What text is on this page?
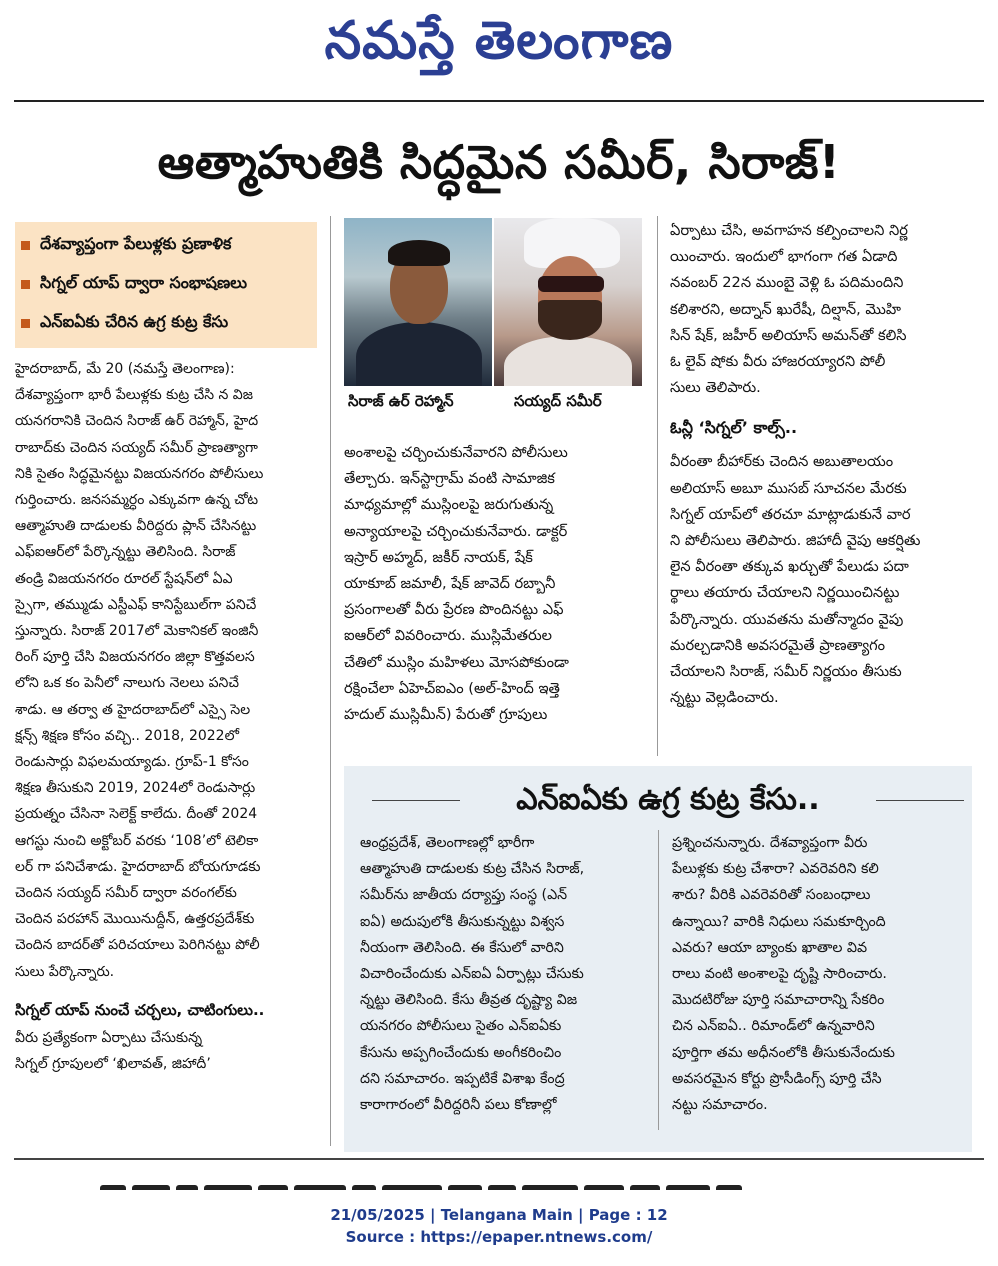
నమస్తే తెలంగాణ
ఆత్మాహుతికి సిద్ధమైన సమీర్, సిరాజ్!
దేశవ్యాప్తంగా పేలుళ్లకు ప్రణాళిక
సిగ్నల్ యాప్ ద్వారా సంభాషణలు
ఎన్ఐఏకు చేరిన ఉగ్ర కుట్ర కేసు
హైదరాబాద్, మే 20 (నమస్తే తెలంగాణ):
దేశవ్యాప్తంగా భారీ పేలుళ్లకు కుట్ర చేసి న విజ
యనగరానికి చెందిన సిరాజ్ ఉర్ రెహ్మాన్, హైద
రాబాద్‌కు చెందిన సయ్యద్ సమీర్ ప్రాణత్యాగా
నికి సైతం సిద్ధమైనట్టు విజయనగరం పోలీసులు
గుర్తించారు. జనసమ్మర్ధం ఎక్కువగా ఉన్న చోట
ఆత్మాహుతి దాడులకు వీరిద్దరు ప్లాన్ చేసినట్టు
ఎఫ్ఐఆర్‌లో పేర్కొన్నట్టు తెలిసింది. సిరాజ్
తండ్రి విజయనగరం రూరల్ స్టేషన్‌లో ఏఎ
స్సైగా, తమ్ముడు ఎస్టీఎఫ్ కానిస్టేబుల్‌గా పనిచే
స్తున్నారు. సిరాజ్ 2017లో మెకానికల్ ఇంజినీ
రింగ్ పూర్తి చేసి విజయనగరం జిల్లా కొత్తవలస
లోని ఒక కం పెనీలో నాలుగు నెలలు పనిచే
శాడు. ఆ తర్వా త హైదరాబాద్‌లో ఎస్సై సెల
క్షన్స్ శిక్షణ కోసం వచ్చి.. 2018, 2022లో
రెండుసార్లు విఫలమయ్యాడు. గ్రూప్-1 కోసం
శిక్షణ తీసుకుని 2019, 2024లో రెండుసార్లు
ప్రయత్నం చేసినా సెలెక్ట్ కాలేదు. దీంతో 2024
ఆగస్టు నుంచి అక్టోబర్ వరకు ‘108’లో టెలికా
లర్ గా పనిచేశాడు. హైదరాబాద్ బోయగూడకు
చెందిన సయ్యద్ సమీర్ ద్వారా వరంగల్‌కు
చెందిన పరహాన్ మొయినుద్దీన్, ఉత్తరప్రదేశ్‌కు
చెందిన బాదర్‌తో పరిచయాలు పెరిగినట్టు పోలీ
సులు పేర్కొన్నారు.
సిగ్నల్ యాప్ నుంచే చర్చలు, చాటింగులు..
వీరు ప్రత్యేకంగా ఏర్పాటు చేసుకున్న
సిగ్నల్ గ్రూపులలో ‘ఖిలావత్, జిహాదీ’
సిరాజ్ ఉర్ రెహ్మాన్	సయ్యద్ సమీర్
అంశాలపై చర్చించుకునేవారని పోలీసులు
తేల్చారు. ఇన్‌స్టాగ్రామ్ వంటి సామాజిక
మాధ్యమాల్లో ముస్లింలపై జరుగుతున్న
అన్యాయాలపై చర్చించుకునేవారు. డాక్టర్
ఇస్రార్ అహ్మద్, జకీర్ నాయక్, షేక్
యాకూబ్ జమాలీ, షేక్ జావెద్ రబ్బానీ
ప్రసంగాలతో వీరు ప్రేరణ పొందినట్టు ఎఫ్
ఐఆర్‌లో వివరించారు. ముస్లిమేతరుల
చేతిలో ముస్లిం మహిళలు మోసపోకుండా
రక్షించేలా ఏహెచ్ఐఎం (అల్-హింద్ ఇత్తె
హదుల్ ముస్లిమీన్) పేరుతో గ్రూపులు
ఏర్పాటు చేసి, అవగాహన కల్పించాలని నిర్ణ
యించారు. ఇందులో భాగంగా గత ఏడాది
నవంబర్ 22న ముంబై వెళ్లి ఓ పదిమందిని
కలిశారని, అద్నాన్ ఖురేషీ, దిల్షాన్, మొహి
సిన్ షేక్, జహీర్ అలియాస్ అమన్‌తో కలిసి
ఓ లైవ్ షోకు వీరు హాజరయ్యారని పోలీ
సులు తెలిపారు.
ఓన్లీ ‘సిగ్నల్’ కాల్స్..
వీరంతా బీహార్‌కు చెందిన అబుతాలయం
అలియాస్ అబూ ముసబ్ సూచనల మేరకు
సిగ్నల్ యాప్‌లో తరచూ మాట్లాడుకునే వార
ని పోలీసులు తెలిపారు. జిహాదీ వైపు ఆకర్షితు
లైన వీరంతా తక్కువ ఖర్చుతో పేలుడు పదా
ర్థాలు తయారు చేయాలని నిర్ణయించినట్టు
పేర్కొన్నారు. యువతను మతోన్మాదం వైపు
మరల్చడానికి అవసరమైతే ప్రాణత్యాగం
చేయాలని సిరాజ్, సమీర్ నిర్ణయం తీసుకు
న్నట్టు వెల్లడించారు.
ఎన్ఐఏకు ఉగ్ర కుట్ర కేసు..
ఆంధ్రప్రదేశ్, తెలంగాణల్లో భారీగా
ఆత్మాహుతి దాడులకు కుట్ర చేసిన సిరాజ్,
సమీర్‌ను జాతీయ దర్యాప్తు సంస్థ (ఎన్
ఐఏ) అదుపులోకి తీసుకున్నట్టు విశ్వస
నీయంగా తెలిసింది. ఈ కేసులో వారిని
విచారించేందుకు ఎన్ఐఏ ఏర్పాట్లు చేసుకు
న్నట్టు తెలిసింది. కేసు తీవ్రత దృష్ట్యా విజ
యనగరం పోలీసులు సైతం ఎన్ఐఏకు
కేసును అప్పగించేందుకు అంగీకరించిం
దని సమాచారం. ఇప్పటికే విశాఖ కేంద్ర
కారాగారంలో వీరిద్దరినీ పలు కోణాల్లో
ప్రశ్నించనున్నారు. దేశవ్యాప్తంగా వీరు
పేలుళ్లకు కుట్ర చేశారా? ఎవరెవరిని కలి
శారు? వీరికి ఎవరెవరితో సంబంధాలు
ఉన్నాయి? వారికి నిధులు సమకూర్చింది
ఎవరు? ఆయా బ్యాంకు ఖాతాల వివ
రాలు వంటి అంశాలపై దృష్టి సారించారు.
మొదటిరోజు పూర్తి సమాచారాన్ని సేకరిం
చిన ఎన్ఐఏ.. రిమాండ్‌లో ఉన్నవారిని
పూర్తిగా తమ అధీనంలోకి తీసుకునేందుకు
అవసరమైన కోర్టు ప్రొసీడింగ్స్ పూర్తి చేసి
నట్టు సమాచారం.
21/05/2025 | Telangana Main | Page : 12
Source : https://epaper.ntnews.com/
